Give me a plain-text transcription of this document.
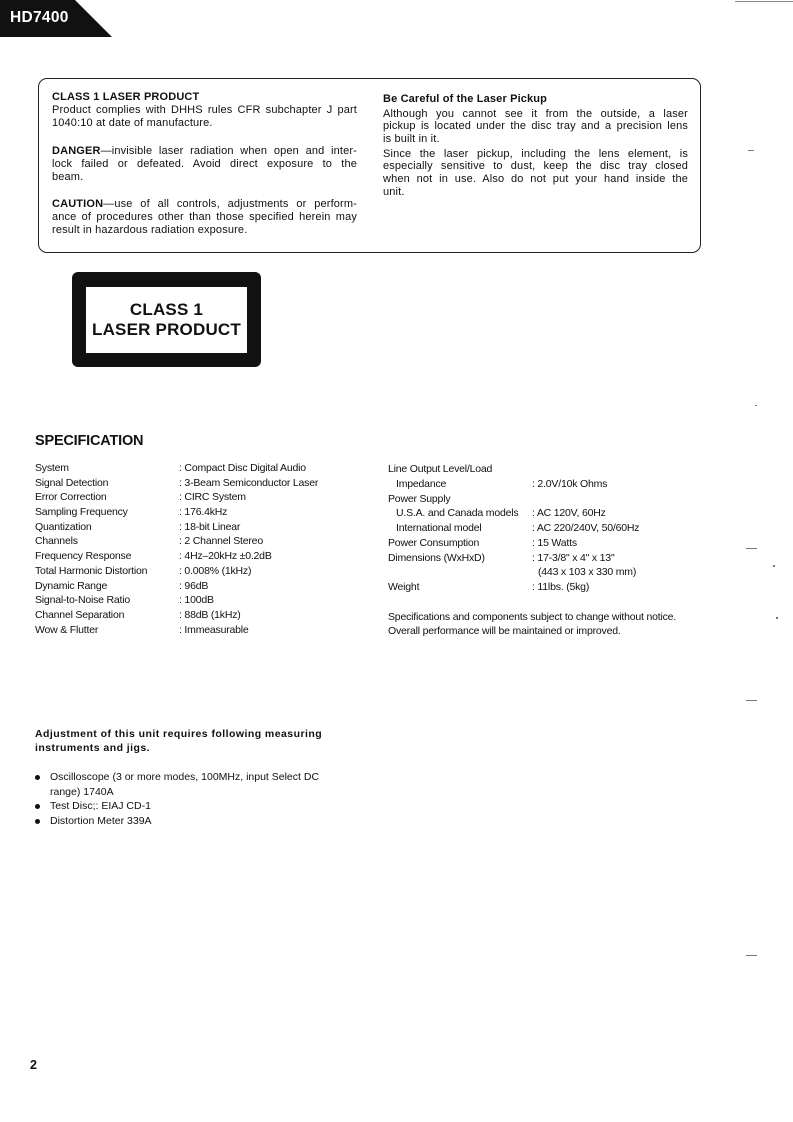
HD7400
CLASS 1 LASER PRODUCT
Product complies with DHHS rules CFR subchapter J part
1040:10 at date of manufacture.
DANGER—invisible laser radiation when open and inter-
lock failed or defeated. Avoid direct exposure to the
beam.
CAUTION—use of all controls, adjustments or perform-
ance of procedures other than those specified herein may
result in hazardous radiation exposure.
Be Careful of the Laser Pickup
Although you cannot see it from the outside, a laser
pickup is located under the disc tray and a precision lens
is built in it.
Since the laser pickup, including the lens element, is
especially sensitive to dust, keep the disc tray closed
when not in use. Also do not put your hand inside the
unit.
CLASS 1
LASER PRODUCT
SPECIFICATION
System	: Compact Disc Digital Audio
Signal Detection	: 3-Beam Semiconductor Laser
Error Correction	: CIRC System
Sampling Frequency	: 176.4kHz
Quantization	: 18-bit Linear
Channels	: 2 Channel Stereo
Frequency Response	: 4Hz–20kHz ±0.2dB
Total Harmonic Distortion	: 0.008% (1kHz)
Dynamic Range	: 96dB
Signal-to-Noise Ratio	: 100dB
Channel Separation	: 88dB (1kHz)
Wow & Flutter	: Immeasurable
Line Output Level/Load
Impedance	: 2.0V/10k Ohms
Power Supply
U.S.A. and Canada models : AC 120V, 60Hz
International model	: AC 220/240V, 50/60Hz
Power Consumption	: 15 Watts
Dimensions (WxHxD)	: 17-3/8" x 4" x 13"
(443 x 103 x 330 mm)
Weight	: 11lbs. (5kg)
Specifications and components subject to change without notice.
Overall performance will be maintained or improved.
Adjustment of this unit requires following measuring
instruments and jigs.
Oscilloscope (3 or more modes, 100MHz, input Select DC
range) 1740A
Test Disc;: EIAJ CD-1
Distortion Meter 339A
2
